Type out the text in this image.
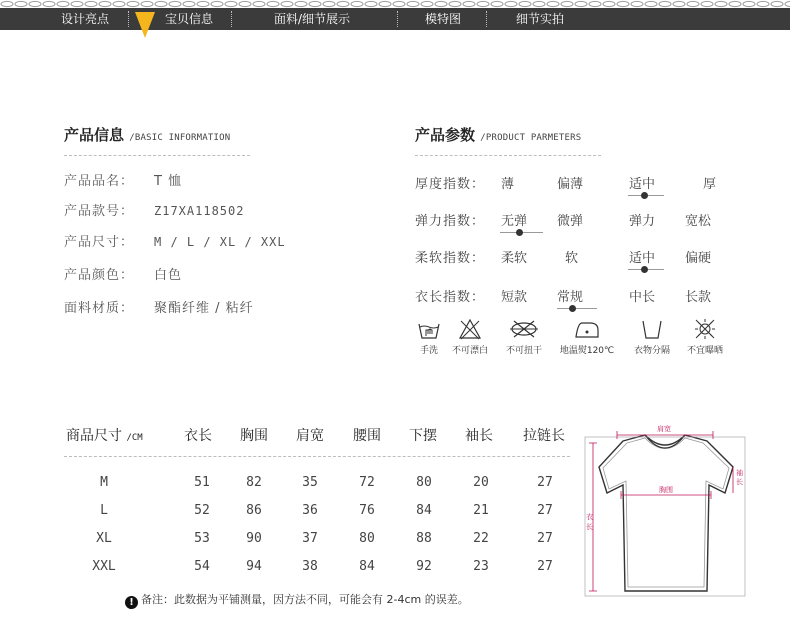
设计亮点	宝贝信息	面料/细节展示	模特图	细节实拍
产品信息 /BASIC INFORMATION
产品品名： T 恤
产品款号： Z17XA118502
产品尺寸： M / L / XL / XXL
产品颜色： 白色
面料材质： 聚酯纤维 / 粘纤
产品参数 /PRODUCT PARMETERS
厚度指数： 薄	偏薄	适中	厚
弹力指数： 无弹 微弹	弹力 宽松
柔软指数： 柔软	软	适中 偏硬
衣长指数： 短款 常规	中长 长款
手洗	不可漂白	不可扭干	地温熨120℃	衣物分隔	不宜曝晒
商品尺寸 /CM	衣长 胸围 肩宽 腰围 下摆 袖长 拉链长
M	51	82	35	72	80	20	27
L	52	86	36	76	84	21	27
XL	53	90	37	80	88	22	27
XXL	54	94	38	84	92	23	27
! 备注：此数据为平铺测量，因方法不同，可能会有 2-4cm 的误差。
肩宽
胸围
袖
长
衣
长
